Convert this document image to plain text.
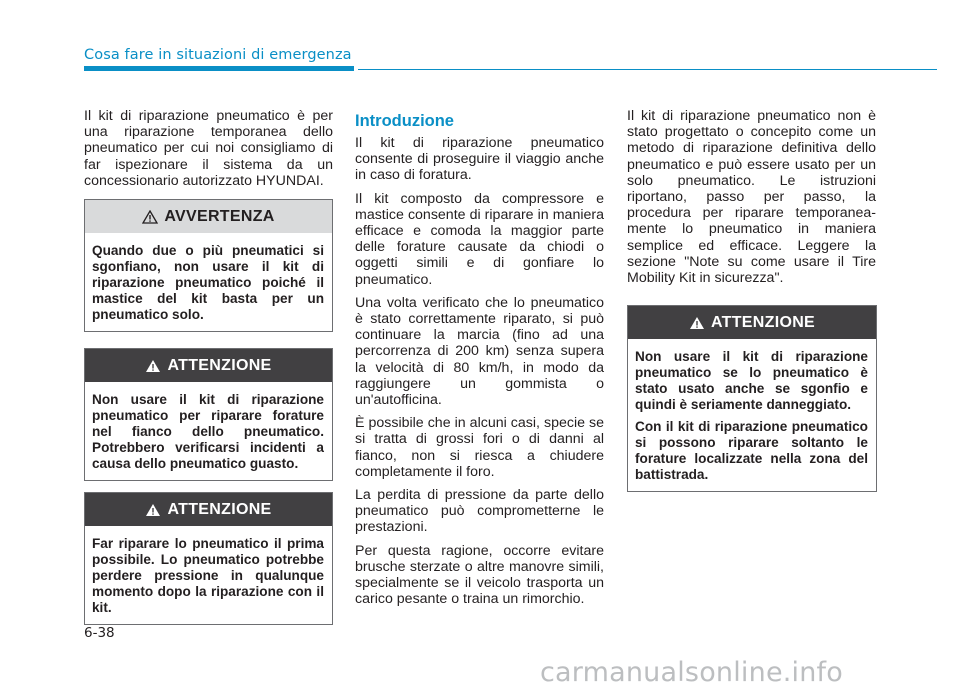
Cosa fare in situazioni di emergenza

Il kit di riparazione pneumatico è per una riparazione temporanea dello pneumatico per cui noi consigliamo di far ispezionare il sistema da un concessionario autorizzato HYUNDAI.

AVVERTENZA

Quando due o più pneumatici si sgonfiano, non usare il kit di riparazione pneumatico poiché il mastice del kit basta per un pneumatico solo.

ATTENZIONE

Non usare il kit di riparazione pneumatico per riparare forature nel fianco dello pneumatico. Potrebbero verificarsi incidenti a causa dello pneumatico guasto.

ATTENZIONE

Far riparare lo pneumatico il prima possibile. Lo pneumatico potrebbe perdere pressione in qualunque momento dopo la riparazione con il kit.

Introduzione

Il kit di riparazione pneumatico consente di proseguire il viaggio anche in caso di foratura.

Il kit composto da compressore e mastice consente di riparare in maniera efficace e comoda la maggior parte delle forature causate da chiodi o oggetti simili e di gonfiare lo pneumatico.

Una volta verificato che lo pneumatico è stato correttamente riparato, si può continuare la marcia (fino ad una percorrenza di 200 km) senza supera la velocità di 80 km/h, in modo da raggiungere un gommista o un'autofficina.

È possibile che in alcuni casi, specie se si tratta di grossi fori o di danni al fianco, non si riesca a chiudere completamente il foro.

La perdita di pressione da parte dello pneumatico può comprometterne le prestazioni.

Per questa ragione, occorre evitare brusche sterzate o altre manovre simili, specialmente se il veicolo trasporta un carico pesante o traina un rimorchio.

Il kit di riparazione pneumatico non è stato progettato o concepito come un metodo di riparazione definitiva dello pneumatico e può essere usato per un solo pneumatico. Le istruzioni riportano, passo per passo, la procedura per riparare temporaneamente lo pneumatico in maniera semplice ed efficace. Leggere la sezione "Note su come usare il Tire Mobility Kit in sicurezza".

ATTENZIONE

Non usare il kit di riparazione pneumatico se lo pneumatico è stato usato anche se sgonfio e quindi è seriamente danneggiato.

Con il kit di riparazione pneumatico si possono riparare soltanto le forature localizzate nella zona del battistrada.

6-38
carmanualsonline.info
